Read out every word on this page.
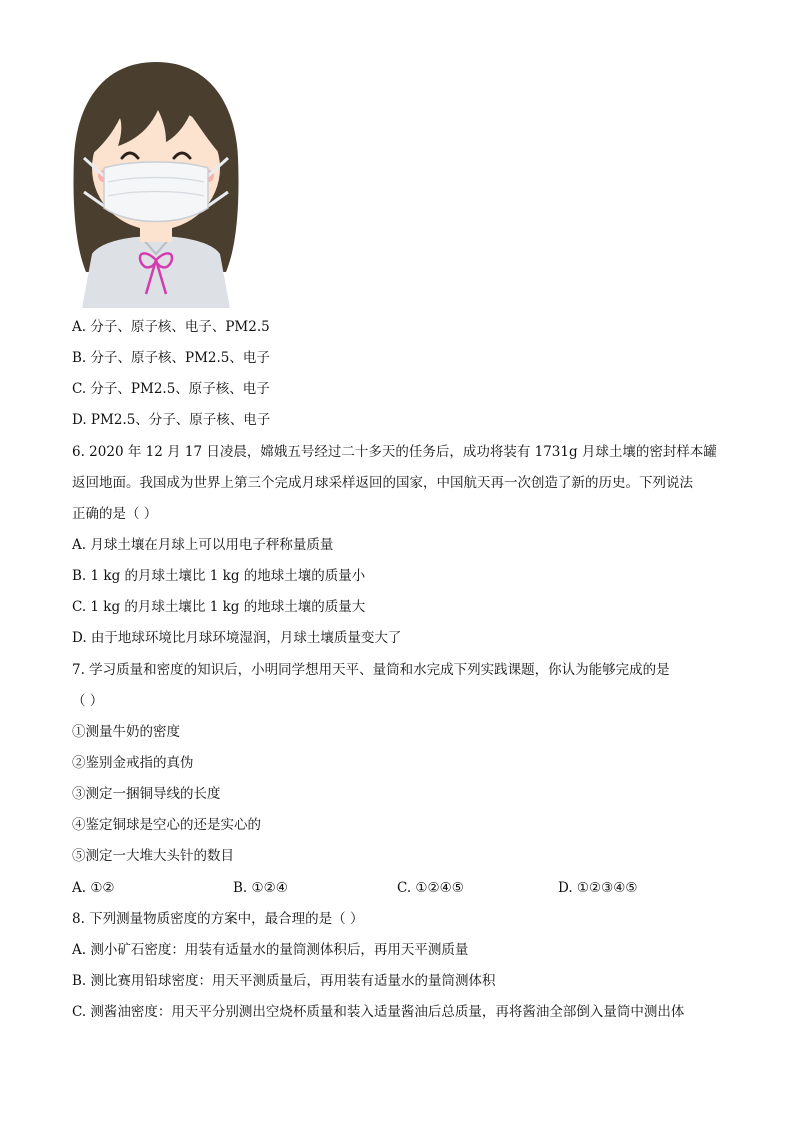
A. 分子、原子核、电子、PM2.5
B. 分子、原子核、PM2.5、电子
C. 分子、PM2.5、原子核、电子
D. PM2.5、分子、原子核、电子
6. 2020 年 12 月 17 日凌晨，嫦娥五号经过二十多天的任务后，成功将装有 1731g 月球土壤的密封样本罐
返回地面。我国成为世界上第三个完成月球采样返回的国家，中国航天再一次创造了新的历史。下列说法
正确的是（ ）
A. 月球土壤在月球上可以用电子秤称量质量
B. 1 kg 的月球土壤比 1 kg 的地球土壤的质量小
C. 1 kg 的月球土壤比 1 kg 的地球土壤的质量大
D. 由于地球环境比月球环境湿润，月球土壤质量变大了
7. 学习质量和密度的知识后，小明同学想用天平、量筒和水完成下列实践课题，你认为能够完成的是
（ ）
①测量牛奶的密度
②鉴别金戒指的真伪
③测定一捆铜导线的长度
④鉴定铜球是空心的还是实心的
⑤测定一大堆大头针的数目
A. ①②	B. ①②④	C. ①②④⑤	D. ①②③④⑤
8. 下列测量物质密度的方案中，最合理的是（ ）
A. 测小矿石密度：用装有适量水的量筒测体积后，再用天平测质量
B. 测比赛用铅球密度：用天平测质量后，再用装有适量水的量筒测体积
C. 测酱油密度：用天平分别测出空烧杯质量和装入适量酱油后总质量，再将酱油全部倒入量筒中测出体
